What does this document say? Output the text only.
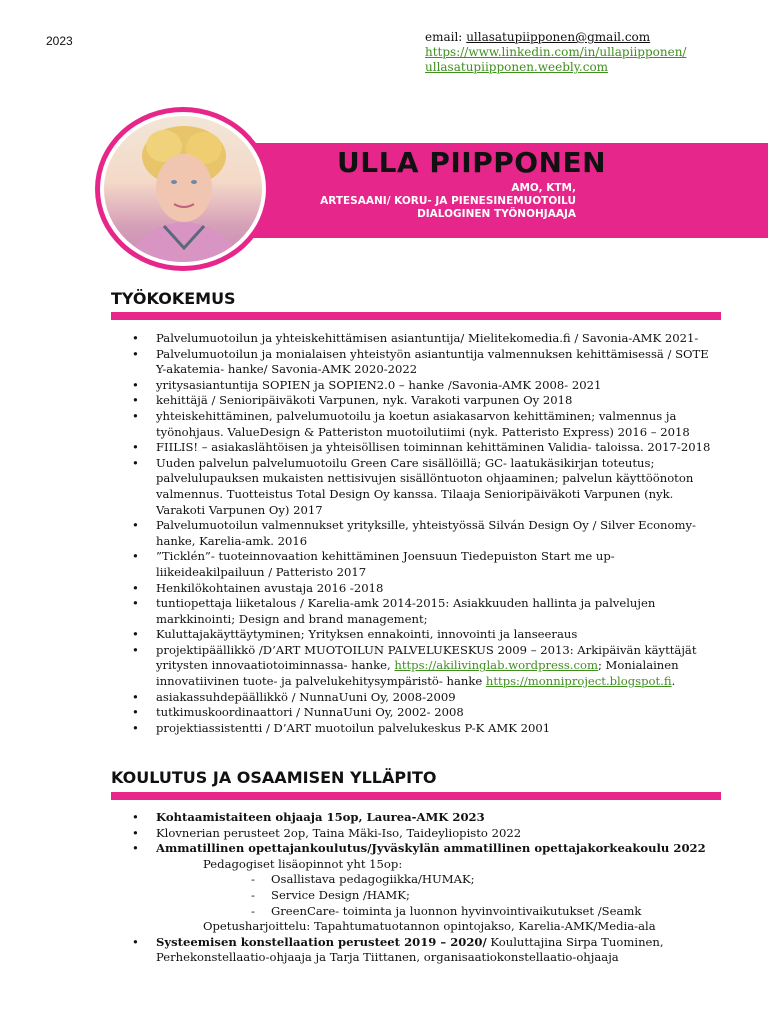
2023	email: ullasatupiipponen@gmail.com
https://www.linkedin.com/in/ullapiipponen/
ullasatupiipponen.weebly.com
ULLA PIIPPONEN
AMO, KTM,
ARTESAANI/ KORU- JA PIENESINEMUOTOILU
DIALOGINEN TYÖNOHJAAJA
TYÖKOKEMUS
• Palvelumuotoilun ja yhteiskehittämisen asiantuntija/ Mielitekomedia.fi / Savonia-AMK 2021-
• Palvelumuotoilun ja monialaisen yhteistyön asiantuntija valmennuksen kehittämisessä / SOTE Y-akatemia- hanke/ Savonia-AMK 2020-2022
• yritysasiantuntija SOPIEN ja SOPIEN2.0 – hanke /Savonia-AMK 2008- 2021
• kehittäjä / Senioripäiväkoti Varpunen, nyk. Varakoti varpunen Oy 2018
• yhteiskehittäminen, palvelumuotoilu ja koetun asiakasarvon kehittäminen; valmennus ja työnohjaus. ValueDesign & Patteriston muotoilutiimi (nyk. Patteristo Express) 2016 – 2018
• FIILIS! – asiakaslähtöisen ja yhteisöllisen toiminnan kehittäminen Validia- taloissa. 2017-2018
• Uuden palvelun palvelumuotoilu Green Care sisällöillä; GC- laatukäsikirjan toteutus; palvelulupauksen mukaisten nettisivujen sisällöntuoton ohjaaminen; palvelun käyttöönoton valmennus. Tuotteistus Total Design Oy kanssa. Tilaaja Senioripäiväkoti Varpunen (nyk. Varakoti Varpunen Oy) 2017
• Palvelumuotoilun valmennukset yrityksille, yhteistyössä Silván Design Oy / Silver Economy- hanke, Karelia-amk. 2016
• ”Ticklén”- tuoteinnovaation kehittäminen Joensuun Tiedepuiston Start me up- liikeideakilpailuun / Patteristo 2017
• Henkilökohtainen avustaja 2016 -2018
• tuntiopettaja liiketalous / Karelia-amk 2014-2015: Asiakkuuden hallinta ja palvelujen markkinointi; Design and brand management;
• Kuluttajakäyttäytyminen; Yrityksen ennakointi, innovointi ja lanseeraus
• projektipäällikkö /D’ART MUOTOILUN PALVELUKESKUS 2009 – 2013: Arkipäivän käyttäjät yritysten innovaatiotoiminnassa- hanke, https://akilivinglab.wordpress.com; Monialainen innovatiivinen tuote- ja palvelukehitysympäristö- hanke https://monniproject.blogspot.fi.
• asiakassuhdepäällikkö / NunnaUuni Oy, 2008-2009
• tutkimuskoordinaattori / NunnaUuni Oy, 2002- 2008
• projektiassistentti / D’ART muotoilun palvelukeskus P-K AMK 2001
KOULUTUS JA OSAAMISEN YLLÄPITO
• Kohtaamistaiteen ohjaaja 15op, Laurea-AMK 2023
• Klovnerian perusteet 2op, Taina Mäki-Iso, Taideyliopisto 2022
• Ammatillinen opettajankoulutus/Jyväskylän ammatillinen opettajakorkeakoulu 2022
Pedagogiset lisäopinnot yht 15op:
- Osallistava pedagogiikka/HUMAK;
- Service Design /HAMK;
- GreenCare- toiminta ja luonnon hyvinvointivaikutukset /Seamk
Opetusharjoittelu: Tapahtumatuotannon opintojakso, Karelia-AMK/Media-ala
• Systeemisen konstellaation perusteet 2019 – 2020/ Kouluttajina Sirpa Tuominen, Perhekonstellaatio-ohjaaja ja Tarja Tiittanen, organisaatiokonstellaatio-ohjaaja
